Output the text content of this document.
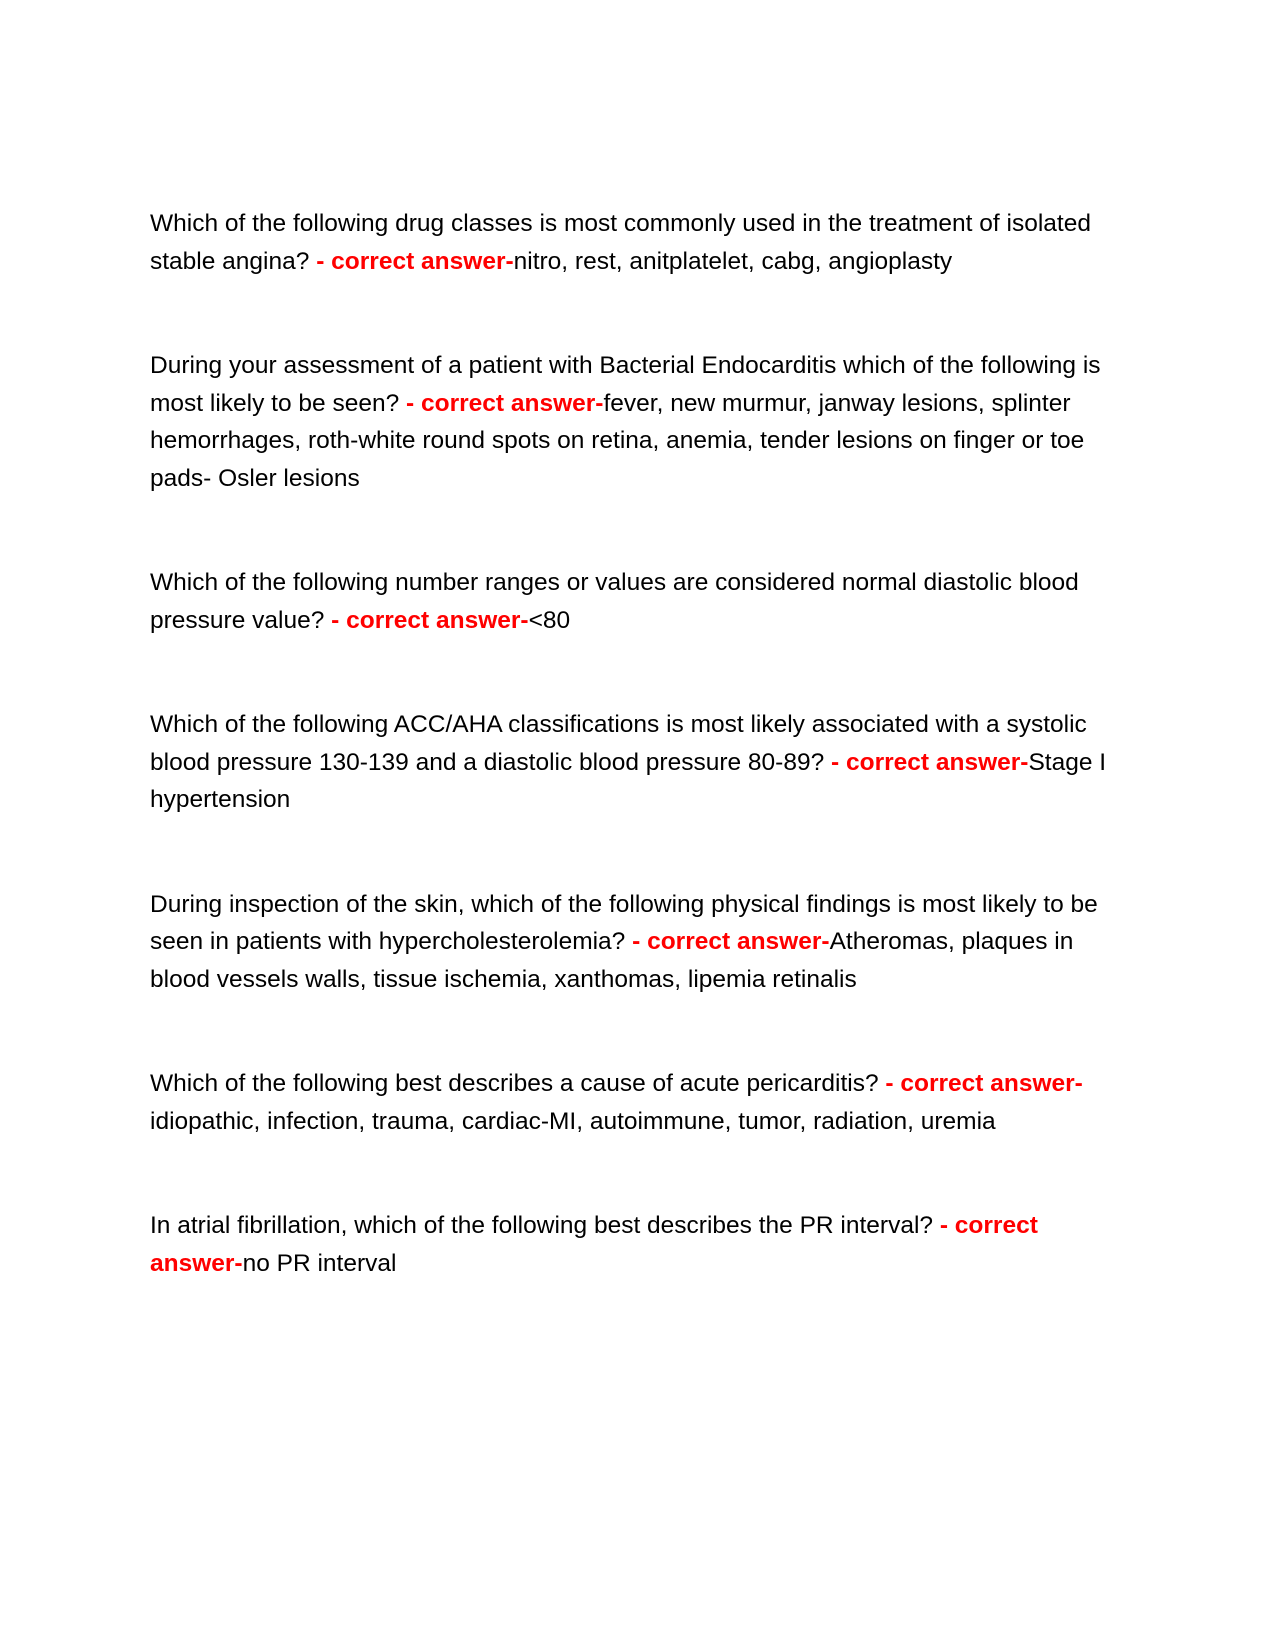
Which of the following drug classes is most commonly used in the treatment of isolated stable angina? - correct answer-nitro, rest, anitplatelet, cabg, angioplasty
During your assessment of a patient with Bacterial Endocarditis which of the following is most likely to be seen? - correct answer-fever, new murmur, janway lesions, splinter hemorrhages, roth-white round spots on retina, anemia, tender lesions on finger or toe pads- Osler lesions
Which of the following number ranges or values are considered normal diastolic blood pressure value? - correct answer-<80
Which of the following ACC/AHA classifications is most likely associated with a systolic blood pressure 130-139 and a diastolic blood pressure 80-89? - correct answer-Stage I hypertension
During inspection of the skin, which of the following physical findings is most likely to be seen in patients with hypercholesterolemia? - correct answer-Atheromas, plaques in blood vessels walls, tissue ischemia, xanthomas, lipemia retinalis
Which of the following best describes a cause of acute pericarditis? - correct answer-idiopathic, infection, trauma, cardiac-MI, autoimmune, tumor, radiation, uremia
In atrial fibrillation, which of the following best describes the PR interval? - correct answer-no PR interval
